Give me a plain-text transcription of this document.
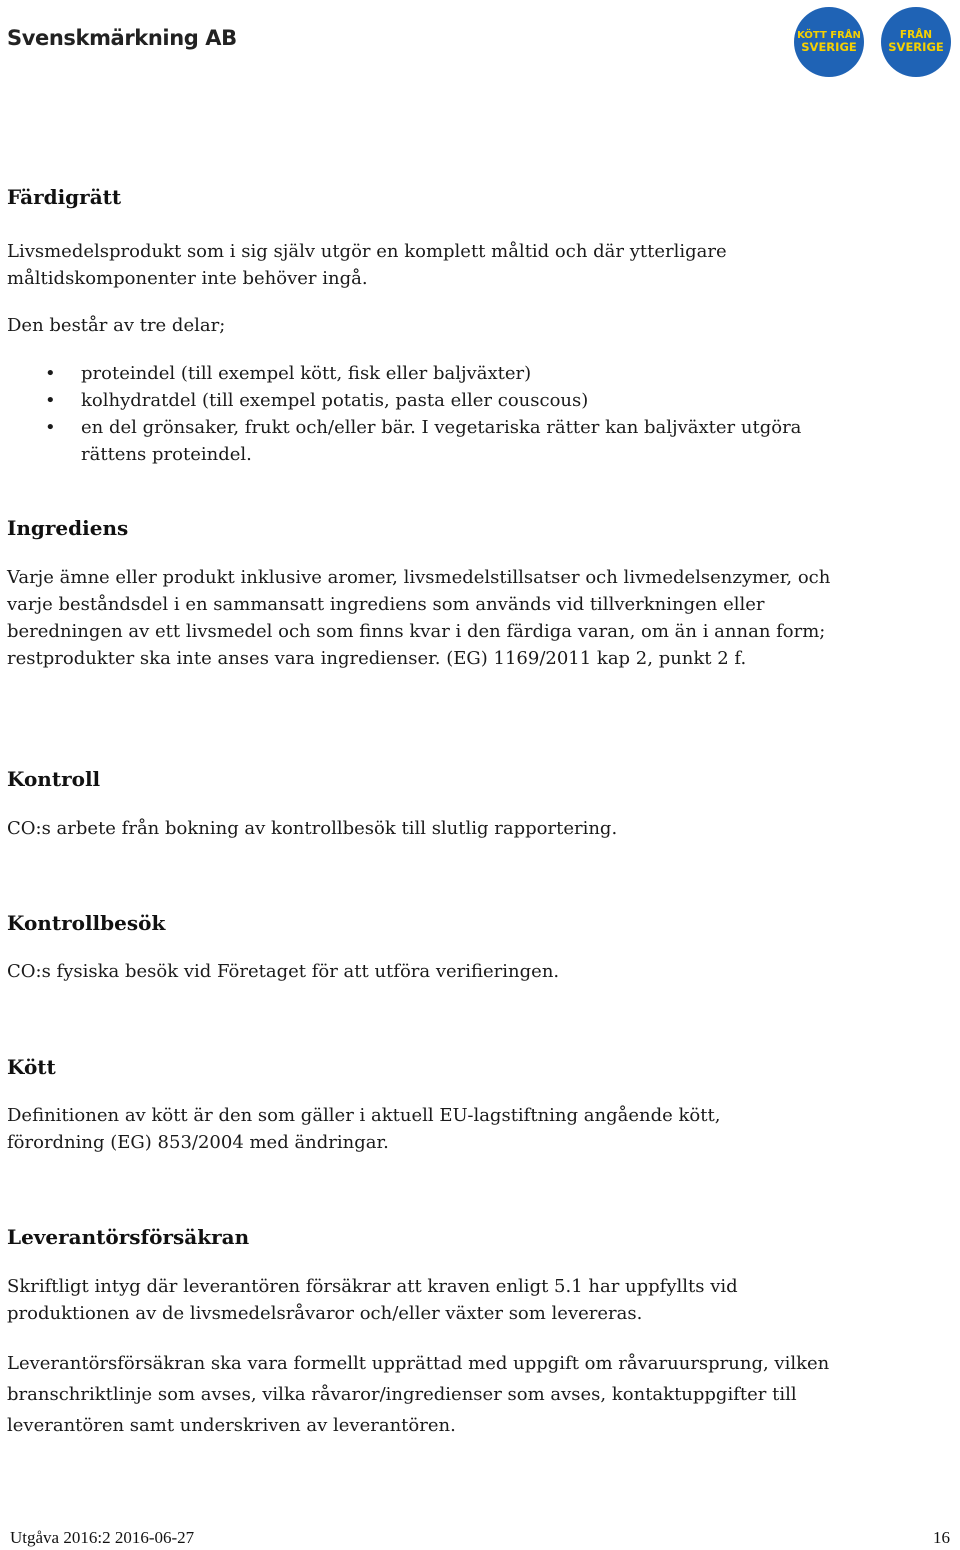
Svenskmärkning AB	KÖTT FRÅN
SVERIGE
FRÅN
SVERIGE
Färdigrätt

Livsmedelsprodukt som i sig själv utgör en komplett måltid och där ytterligare måltidskomponenter inte behöver ingå.

Den består av tre delar;

• proteindel (till exempel kött, fisk eller baljväxter)
• kolhydratdel (till exempel potatis, pasta eller couscous)
• en del grönsaker, frukt och/eller bär. I vegetariska rätter kan baljväxter utgöra rättens proteindel.
Ingrediens

Varje ämne eller produkt inklusive aromer, livsmedelstillsatser och livmedelsenzymer, och varje beståndsdel i en sammansatt ingrediens som används vid tillverkningen eller beredningen av ett livsmedel och som finns kvar i den färdiga varan, om än i annan form; restprodukter ska inte anses vara ingredienser. (EG) 1169/2011 kap 2, punkt 2 f.

Kontroll

CO:s arbete från bokning av kontrollbesök till slutlig rapportering.

Kontrollbesök

CO:s fysiska besök vid Företaget för att utföra verifieringen.

Kött

Definitionen av kött är den som gäller i aktuell EU-lagstiftning angående kött, förordning (EG) 853/2004 med ändringar.

Leverantörsförsäkran

Skriftligt intyg där leverantören försäkrar att kraven enligt 5.1 har uppfyllts vid produktionen av de livsmedelsråvaror och/eller växter som levereras.

Leverantörsförsäkran ska vara formellt upprättad med uppgift om råvaruursprung, vilken branschriktlinje som avses, vilka råvaror/ingredienser som avses, kontaktuppgifter till leverantören samt underskriven av leverantören.

Utgåva 2016:2 2016-06-27	16
